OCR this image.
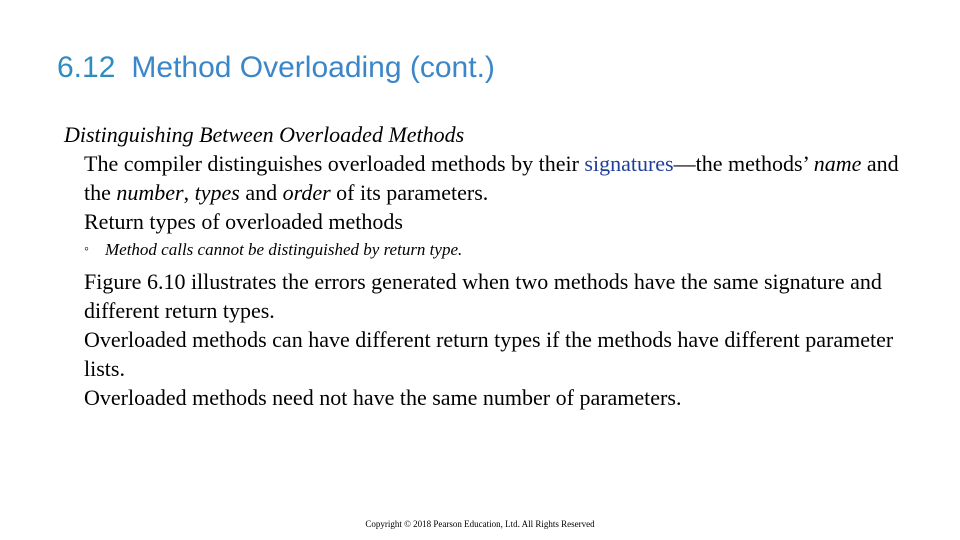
6.12 Method Overloading (cont.)

Distinguishing Between Overloaded Methods

The compiler distinguishes overloaded methods by their signatures—the methods’ name and the number, types and order of its parameters.

Return types of overloaded methods

◦ Method calls cannot be distinguished by return type.

Figure 6.10 illustrates the errors generated when two methods have the same signature and different return types.

Overloaded methods can have different return types if the methods have different parameter lists.

Overloaded methods need not have the same number of parameters.

Copyright © 2018 Pearson Education, Ltd. All Rights Reserved
